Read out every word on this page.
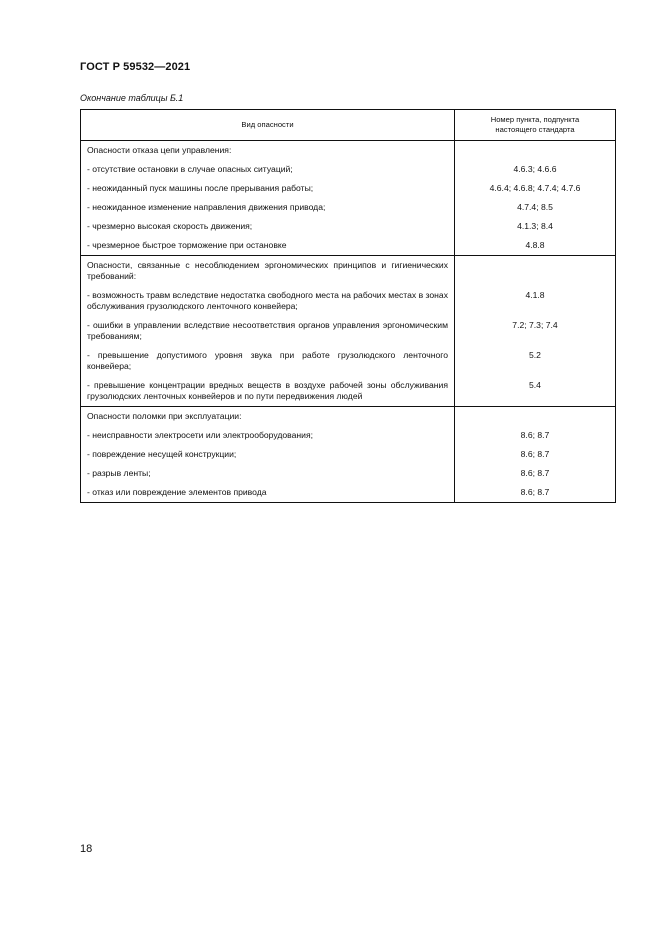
ГОСТ Р 59532—2021
Окончание таблицы Б.1
Вид опасности	Номер пункта, подпункта настоящего стандарта

Опасности отказа цепи управления:	

- отсутствие остановки в случае опасных ситуаций;	4.6.3; 4.6.6

- неожиданный пуск машины после прерывания работы;	4.6.4; 4.6.8; 4.7.4; 4.7.6

- неожиданное изменение направления движения привода;	4.7.4; 8.5

- чрезмерно высокая скорость движения;	4.1.3; 8.4

- чрезмерное быстрое торможение при остановке	4.8.8

Опасности, связанные с несоблюдением эргономических принципов и гигиенических требований:	

- возможность травм вследствие недостатка свободного места на рабочих местах в зонах обслуживания грузолюдского ленточного конвейера;	4.1.8

- ошибки в управлении вследствие несоответствия органов управления эргономическим требованиям;	7.2; 7.3; 7.4

- превышение допустимого уровня звука при работе грузолюдского ленточного конвейера;	5.2

- превышение концентрации вредных веществ в воздухе рабочей зоны обслуживания грузолюдских ленточных конвейеров и по пути передвижения людей	5.4

Опасности поломки при эксплуатации:	

- неисправности электросети или электрооборудования;	8.6; 8.7

- повреждение несущей конструкции;	8.6; 8.7

- разрыв ленты;	8.6; 8.7

- отказ или повреждение элементов привода	8.6; 8.7
18
